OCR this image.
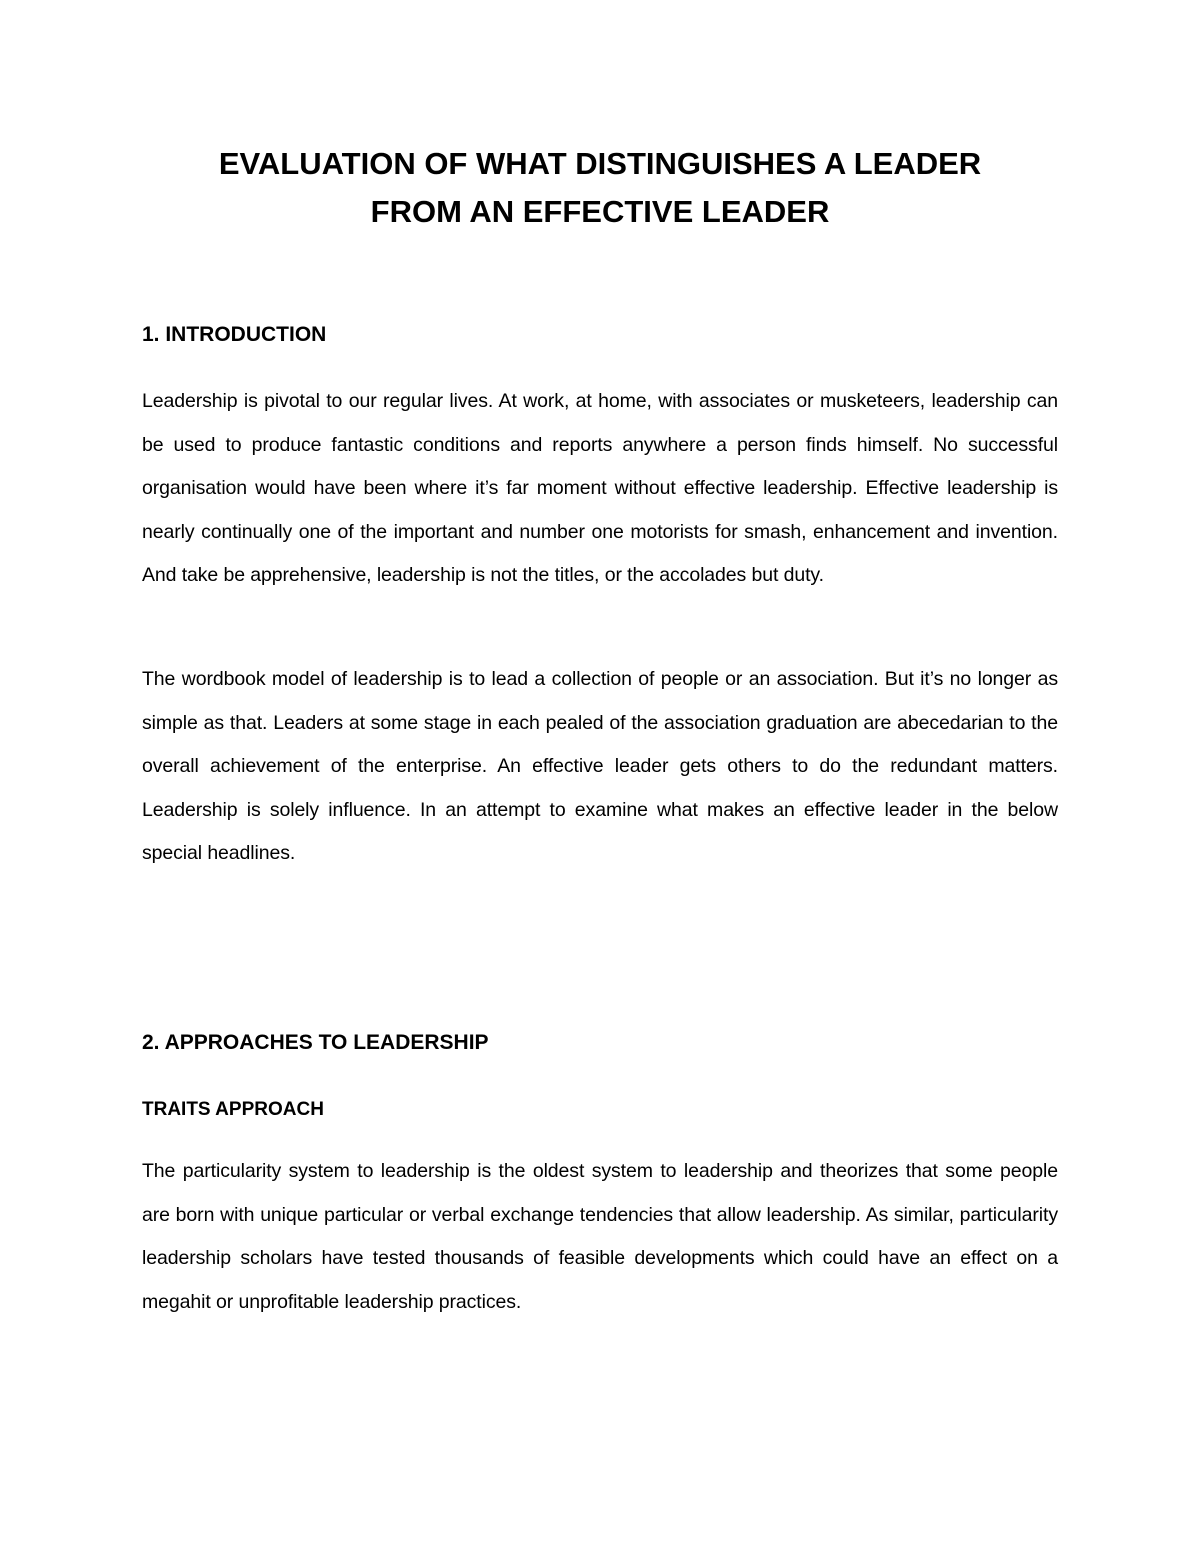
EVALUATION OF WHAT DISTINGUISHES A LEADER
FROM AN EFFECTIVE LEADER
1. INTRODUCTION

Leadership is pivotal to our regular lives. At work, at home, with associates or musketeers, leadership can be used to produce fantastic conditions and reports anywhere a person finds himself. No successful organisation would have been where it’s far moment without effective leadership. Effective leadership is nearly continually one of the important and number one motorists for smash, enhancement and invention. And take be apprehensive, leadership is not the titles, or the accolades but duty.

The wordbook model of leadership is to lead a collection of people or an association. But it’s no longer as simple as that. Leaders at some stage in each pealed of the association graduation are abecedarian to the overall achievement of the enterprise. An effective leader gets others to do the redundant matters. Leadership is solely influence. In an attempt to examine what makes an effective leader in the below special headlines.

2. APPROACHES TO LEADERSHIP
TRAITS APPROACH

The particularity system to leadership is the oldest system to leadership and theorizes that some people are born with unique particular or verbal exchange tendencies that allow leadership. As similar, particularity leadership scholars have tested thousands of feasible developments which could have an effect on a megahit or unprofitable leadership practices.
